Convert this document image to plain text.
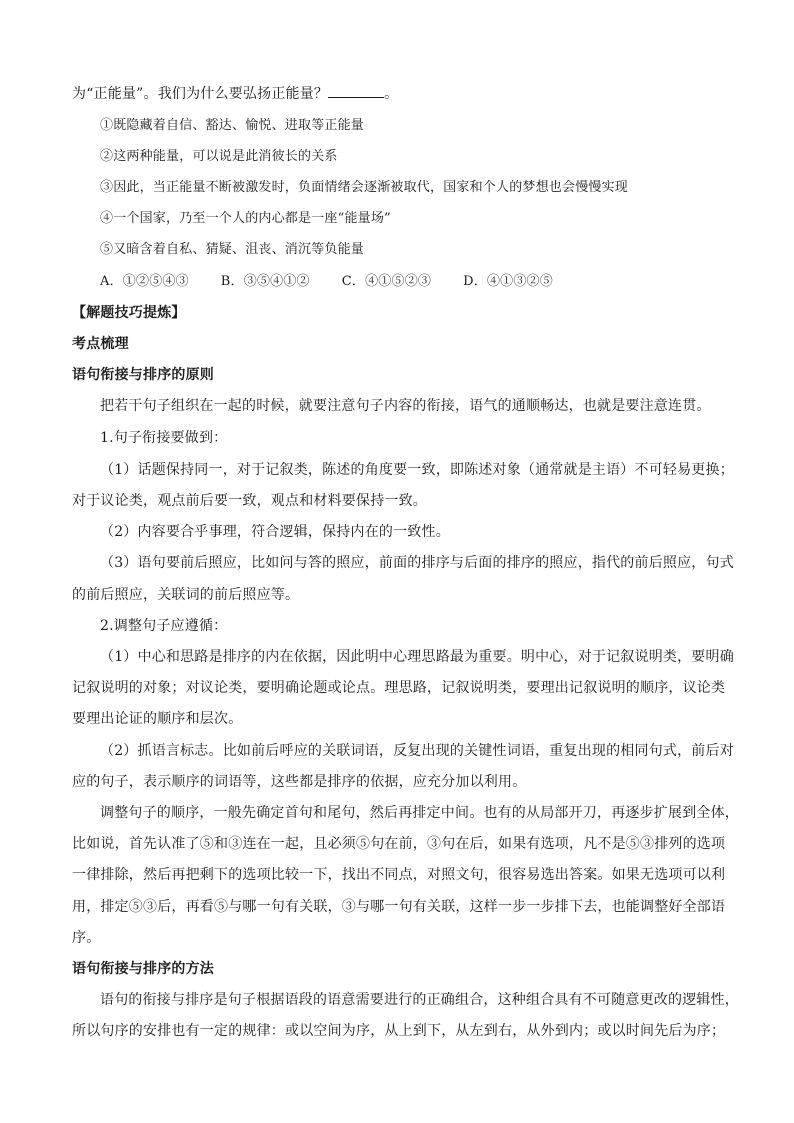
为“正能量”。我们为什么要弘扬正能量？	。
①既隐藏着自信、豁达、愉悦、进取等正能量
②这两种能量，可以说是此消彼长的关系
③因此，当正能量不断被激发时，负面情绪会逐渐被取代，国家和个人的梦想也会慢慢实现
④一个国家，乃至一个人的内心都是一座“能量场”
⑤又暗含着自私、猜疑、沮丧、消沉等负能量
A．①②⑤④③ B．③⑤④①② C．④①⑤②③ D．④①③②⑤
【解题技巧提炼】
考点梳理
语句衔接与排序的原则
把若干句子组织在一起的时候，就要注意句子内容的衔接，语气的通顺畅达，也就是要注意连贯。
1.句子衔接要做到：
（1）话题保持同一，对于记叙类，陈述的角度要一致，即陈述对象（通常就是主语）不可轻易更换；
对于议论类，观点前后要一致，观点和材料要保持一致。
（2）内容要合乎事理，符合逻辑，保持内在的一致性。
（3）语句要前后照应，比如问与答的照应，前面的排序与后面的排序的照应，指代的前后照应，句式
的前后照应，关联词的前后照应等。
2.调整句子应遵循：
（1）中心和思路是排序的内在依据，因此明中心理思路最为重要。明中心，对于记叙说明类，要明确
记叙说明的对象；对议论类，要明确论题或论点。理思路，记叙说明类，要理出记叙说明的顺序，议论类
要理出论证的顺序和层次。
（2）抓语言标志。比如前后呼应的关联词语，反复出现的关键性词语，重复出现的相同句式，前后对
应的句子，表示顺序的词语等，这些都是排序的依据，应充分加以利用。
调整句子的顺序，一般先确定首句和尾句，然后再排定中间。也有的从局部开刀，再逐步扩展到全体，
比如说，首先认准了⑤和③连在一起，且必须⑤句在前，③句在后，如果有选项，凡不是⑤③排列的选项
一律排除，然后再把剩下的选项比较一下，找出不同点，对照文句，很容易选出答案。如果无选项可以利
用，排定⑤③后，再看⑤与哪一句有关联，③与哪一句有关联，这样一步一步排下去，也能调整好全部语
序。
语句衔接与排序的方法
语句的衔接与排序是句子根据语段的语意需要进行的正确组合，这种组合具有不可随意更改的逻辑性，
所以句序的安排也有一定的规律：或以空间为序，从上到下，从左到右，从外到内；或以时间先后为序；
